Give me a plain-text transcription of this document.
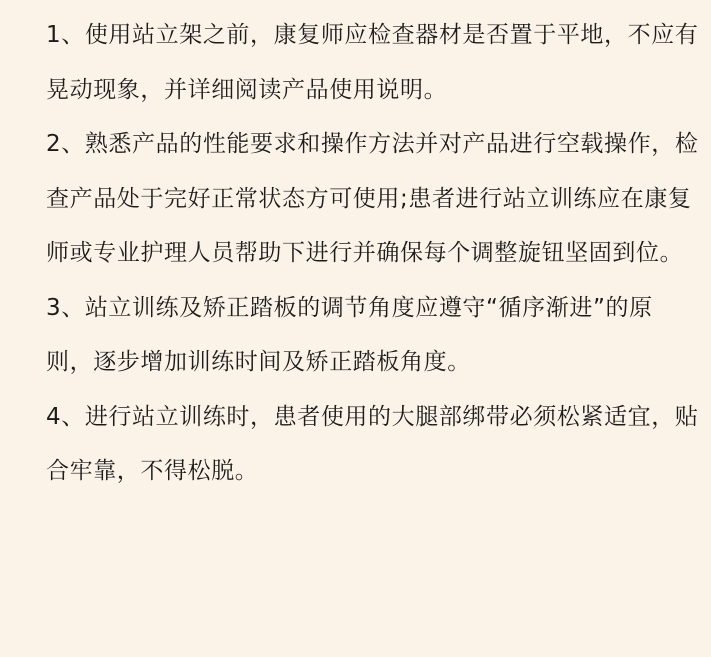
1、使用站立架之前，康复师应检查器材是否置于平地，不应有晃动现象，并详细阅读产品使用说明。

2、熟悉产品的性能要求和操作方法并对产品进行空载操作，检查产品处于完好正常状态方可使用;患者进行站立训练应在康复师或专业护理人员帮助下进行并确保每个调整旋钮坚固到位。

3、站立训练及矫正踏板的调节角度应遵守“循序渐进”的原则，逐步增加训练时间及矫正踏板角度。

4、进行站立训练时，患者使用的大腿部绑带必须松紧适宜，贴合牢靠，不得松脱。
